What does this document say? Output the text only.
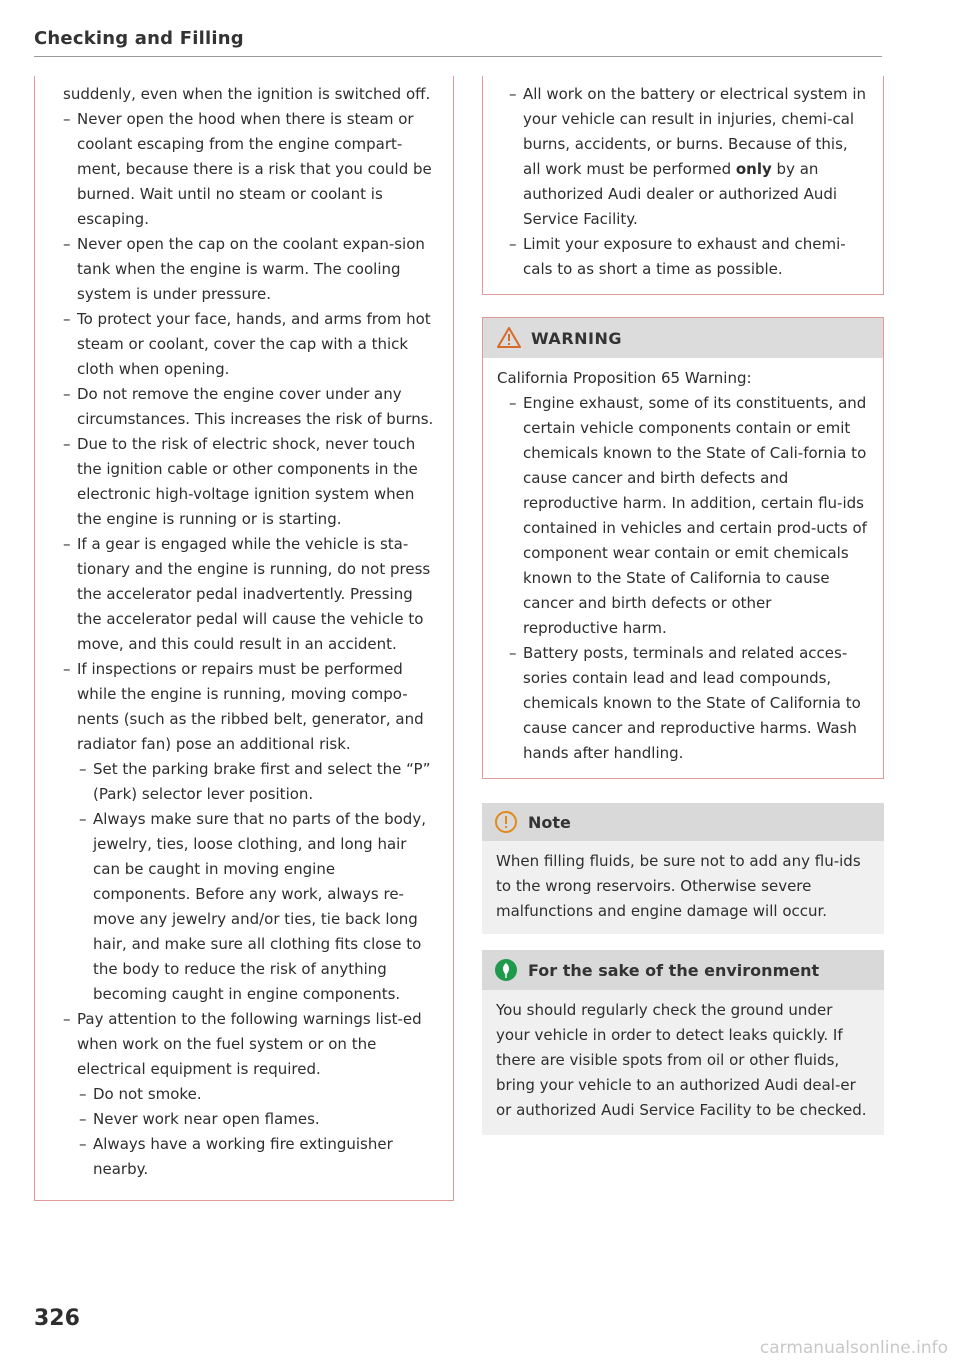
Checking and Filling

suddenly, even when the ignition is switched off.

– Never open the hood when there is steam or coolant escaping from the engine compart-ment, because there is a risk that you could be burned. Wait until no steam or coolant is escaping.

– Never open the cap on the coolant expan-sion tank when the engine is warm. The cooling system is under pressure.

– To protect your face, hands, and arms from hot steam or coolant, cover the cap with a thick cloth when opening.

– Do not remove the engine cover under any circumstances. This increases the risk of burns.

– Due to the risk of electric shock, never touch the ignition cable or other components in the electronic high-voltage ignition system when the engine is running or is starting.

– If a gear is engaged while the vehicle is sta-tionary and the engine is running, do not press the accelerator pedal inadvertently. Pressing the accelerator pedal will cause the vehicle to move, and this could result in an accident.

– If inspections or repairs must be performed while the engine is running, moving compo-nents (such as the ribbed belt, generator, and radiator fan) pose an additional risk.

– Set the parking brake first and select the “P” (Park) selector lever position.

– Always make sure that no parts of the body, jewelry, ties, loose clothing, and long hair can be caught in moving engine components. Before any work, always re-move any jewelry and/or ties, tie back long hair, and make sure all clothing fits close to the body to reduce the risk of anything becoming caught in engine components.

– Pay attention to the following warnings list-ed when work on the fuel system or on the electrical equipment is required.

– Do not smoke.

– Never work near open flames.

– Always have a working fire extinguisher nearby.

– All work on the battery or electrical system in your vehicle can result in injuries, chemi-cal burns, accidents, or burns. Because of this, all work must be performed only by an authorized Audi dealer or authorized Audi Service Facility.

– Limit your exposure to exhaust and chemi-cals to as short a time as possible.

WARNING

California Proposition 65 Warning:

– Engine exhaust, some of its constituents, and certain vehicle components contain or emit chemicals known to the State of Cali-fornia to cause cancer and birth defects and reproductive harm. In addition, certain flu-ids contained in vehicles and certain prod-ucts of component wear contain or emit chemicals known to the State of California to cause cancer and birth defects or other reproductive harm.

– Battery posts, terminals and related acces-sories contain lead and lead compounds, chemicals known to the State of California to cause cancer and reproductive harms. Wash hands after handling.

Note

When filling fluids, be sure not to add any flu-ids to the wrong reservoirs. Otherwise severe malfunctions and engine damage will occur.

For the sake of the environment

You should regularly check the ground under your vehicle in order to detect leaks quickly. If there are visible spots from oil or other fluids, bring your vehicle to an authorized Audi deal-er or authorized Audi Service Facility to be checked.

326
carmanualsonline.info
